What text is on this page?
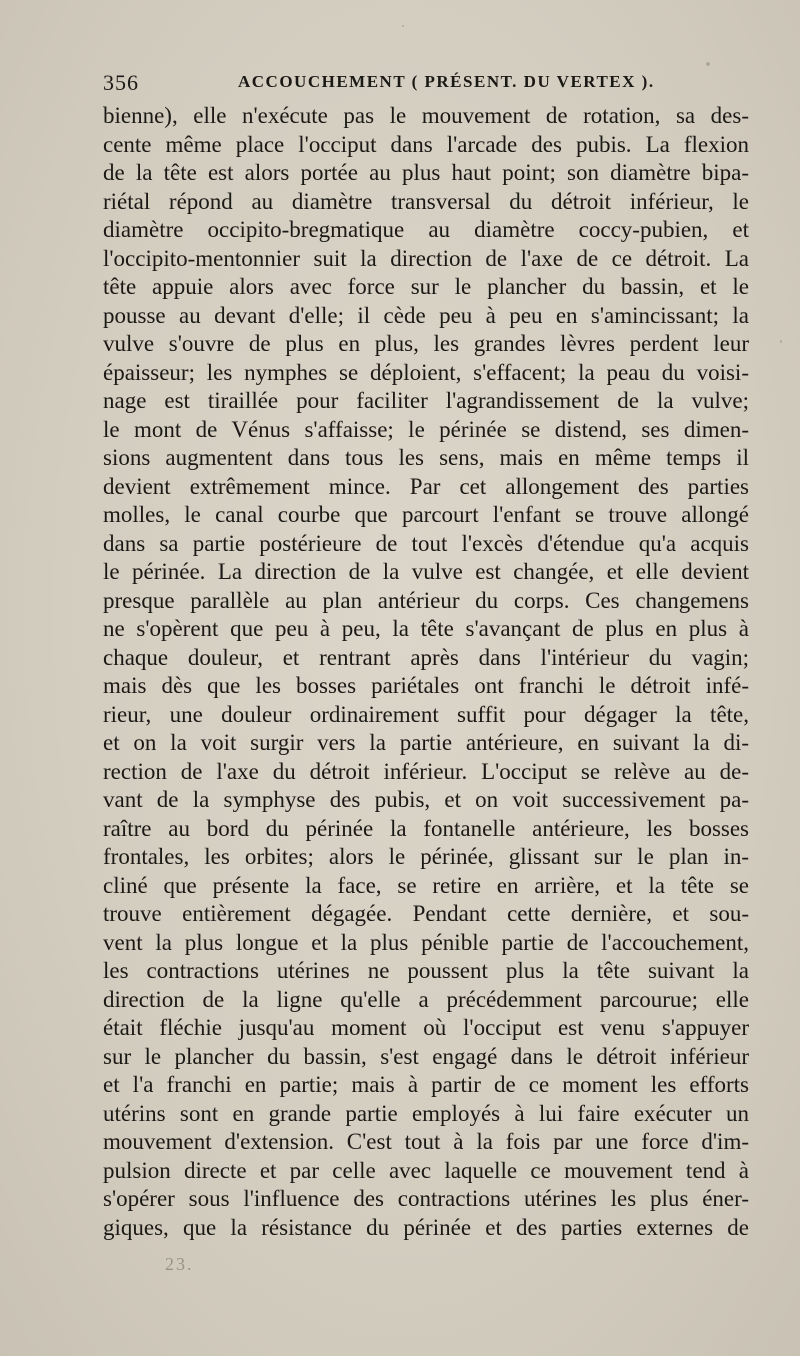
356	ACCOUCHEMENT ( PRÉSENT. DU VERTEX ).
bienne), elle n'exécute pas le mouvement de rotation, sa des-
cente même place l'occiput dans l'arcade des pubis. La flexion
de la tête est alors portée au plus haut point; son diamètre bipa-
riétal répond au diamètre transversal du détroit inférieur, le
diamètre occipito-bregmatique au diamètre coccy-pubien, et
l'occipito-mentonnier suit la direction de l'axe de ce détroit. La
tête appuie alors avec force sur le plancher du bassin, et le
pousse au devant d'elle; il cède peu à peu en s'amincissant; la
vulve s'ouvre de plus en plus, les grandes lèvres perdent leur
épaisseur; les nymphes se déploient, s'effacent; la peau du voisi-
nage est tiraillée pour faciliter l'agrandissement de la vulve;
le mont de Vénus s'affaisse; le périnée se distend, ses dimen-
sions augmentent dans tous les sens, mais en même temps il
devient extrêmement mince. Par cet allongement des parties
molles, le canal courbe que parcourt l'enfant se trouve allongé
dans sa partie postérieure de tout l'excès d'étendue qu'a acquis
le périnée. La direction de la vulve est changée, et elle devient
presque parallèle au plan antérieur du corps. Ces changemens
ne s'opèrent que peu à peu, la tête s'avançant de plus en plus à
chaque douleur, et rentrant après dans l'intérieur du vagin;
mais dès que les bosses pariétales ont franchi le détroit infé-
rieur, une douleur ordinairement suffit pour dégager la tête,
et on la voit surgir vers la partie antérieure, en suivant la di-
rection de l'axe du détroit inférieur. L'occiput se relève au de-
vant de la symphyse des pubis, et on voit successivement pa-
raître au bord du périnée la fontanelle antérieure, les bosses
frontales, les orbites; alors le périnée, glissant sur le plan in-
cliné que présente la face, se retire en arrière, et la tête se
trouve entièrement dégagée. Pendant cette dernière, et sou-
vent la plus longue et la plus pénible partie de l'accouchement,
les contractions utérines ne poussent plus la tête suivant la
direction de la ligne qu'elle a précédemment parcourue; elle
était fléchie jusqu'au moment où l'occiput est venu s'appuyer
sur le plancher du bassin, s'est engagé dans le détroit inférieur
et l'a franchi en partie; mais à partir de ce moment les efforts
utérins sont en grande partie employés à lui faire exécuter un
mouvement d'extension. C'est tout à la fois par une force d'im-
pulsion directe et par celle avec laquelle ce mouvement tend à
s'opérer sous l'influence des contractions utérines les plus éner-
giques, que la résistance du périnée et des parties externes de
23.
